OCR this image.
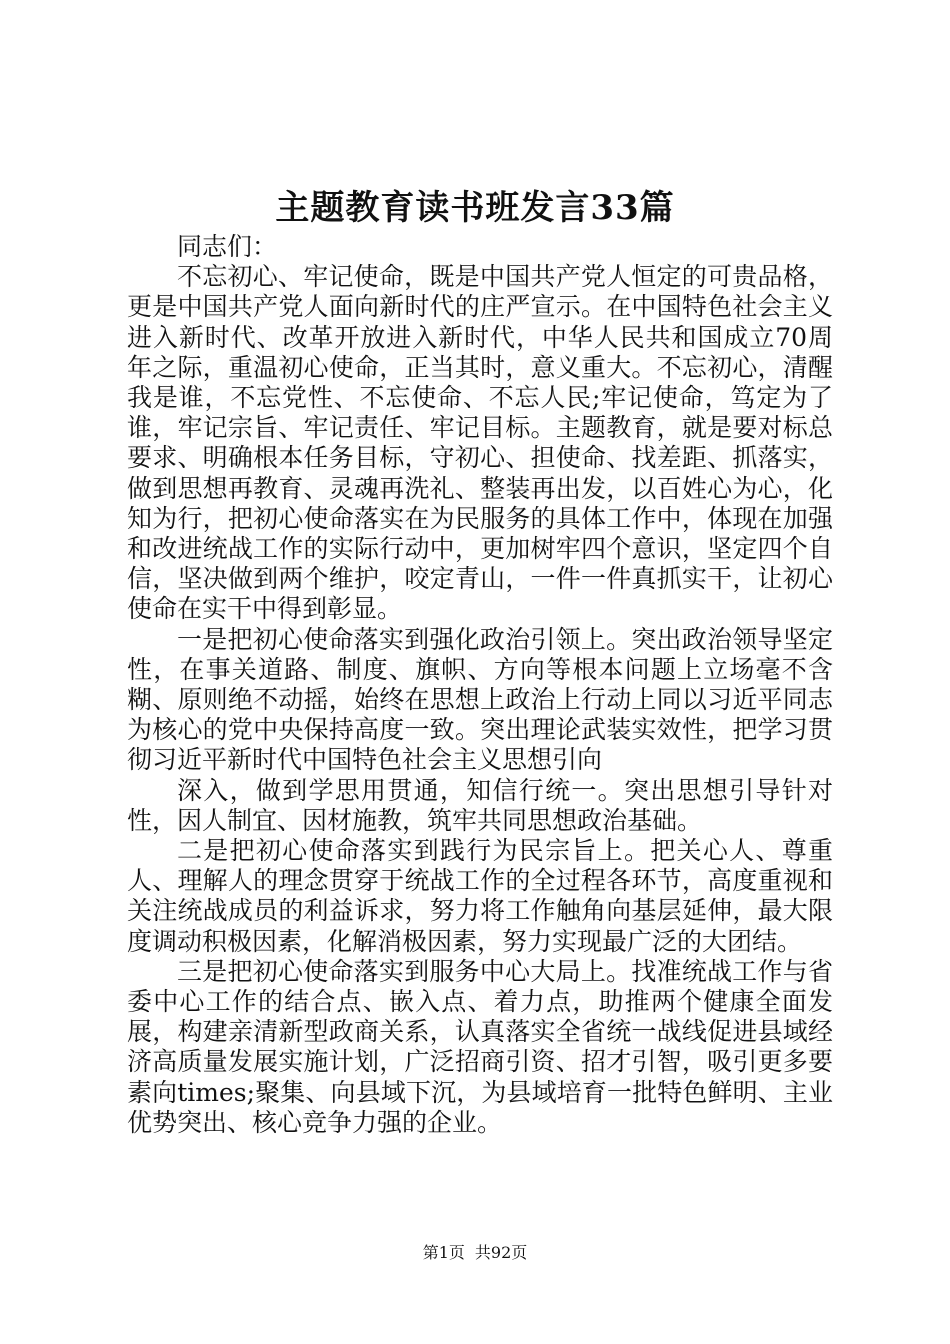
主题教育读书班发言33篇

同志们：

不忘初心、牢记使命，既是中国共产党人恒定的可贵品格，更是中国共产党人面向新时代的庄严宣示。在中国特色社会主义进入新时代、改革开放进入新时代，中华人民共和国成立70周年之际，重温初心使命，正当其时，意义重大。不忘初心，清醒我是谁，不忘党性、不忘使命、不忘人民;牢记使命，笃定为了谁，牢记宗旨、牢记责任、牢记目标。主题教育，就是要对标总要求、明确根本任务目标，守初心、担使命、找差距、抓落实，做到思想再教育、灵魂再洗礼、整装再出发，以百姓心为心，化知为行，把初心使命落实在为民服务的具体工作中，体现在加强和改进统战工作的实际行动中，更加树牢四个意识，坚定四个自信，坚决做到两个维护，咬定青山，一件一件真抓实干，让初心使命在实干中得到彰显。

一是把初心使命落实到强化政治引领上。突出政治领导坚定性，在事关道路、制度、旗帜、方向等根本问题上立场毫不含糊、原则绝不动摇，始终在思想上政治上行动上同以习近平同志为核心的党中央保持高度一致。突出理论武装实效性，把学习贯彻习近平新时代中国特色社会主义思想引向

深入，做到学思用贯通，知信行统一。突出思想引导针对性，因人制宜、因材施教，筑牢共同思想政治基础。

二是把初心使命落实到践行为民宗旨上。把关心人、尊重人、理解人的理念贯穿于统战工作的全过程各环节，高度重视和关注统战成员的利益诉求，努力将工作触角向基层延伸，最大限度调动积极因素，化解消极因素，努力实现最广泛的大团结。

三是把初心使命落实到服务中心大局上。找准统战工作与省委中心工作的结合点、嵌入点、着力点，助推两个健康全面发展，构建亲清新型政商关系，认真落实全省统一战线促进县域经济高质量发展实施计划，广泛招商引资、招才引智，吸引更多要素向times;聚集、向县域下沉，为县域培育一批特色鲜明、主业优势突出、核心竞争力强的企业。

第1页 共92页
